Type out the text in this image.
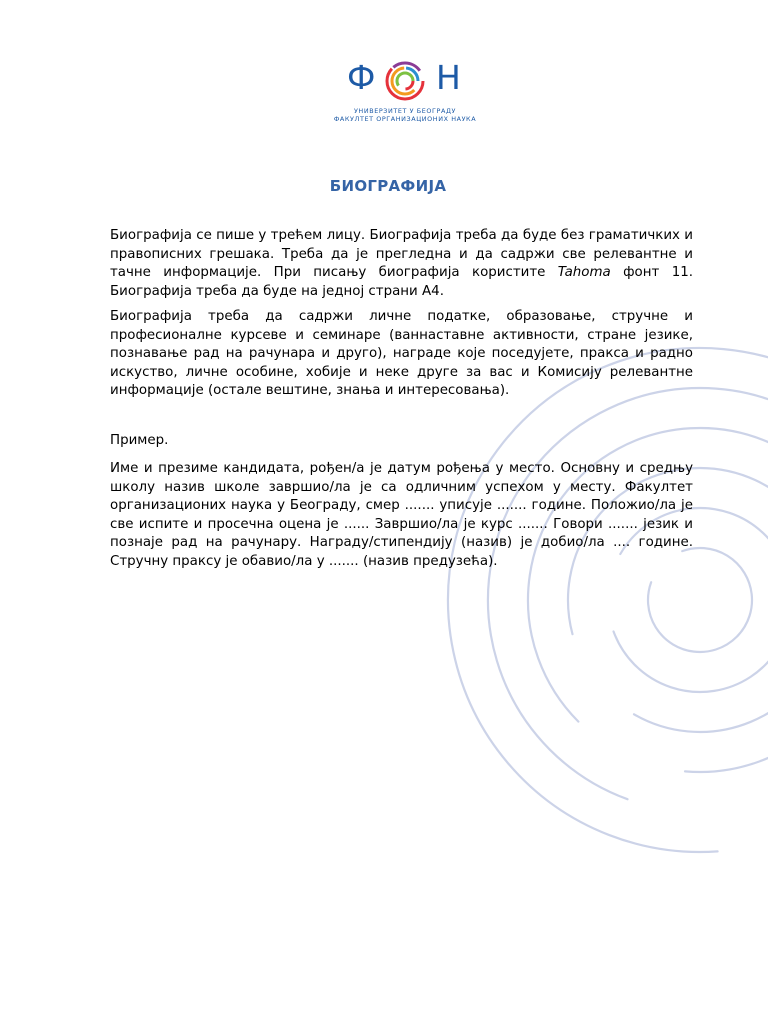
Ф Н
УНИВЕРЗИТЕТ У БЕОГРАДУ
ФАКУЛТЕТ ОРГАНИЗАЦИОНИХ НАУКА
БИОГРАФИЈА

Биографија се пише у трећем лицу. Биографија треба да буде без граматичких и правописних грешака. Треба да је прегледна и да садржи све релевантне и тачне информације. При писању биографија користите Tahoma фонт 11. Биографија треба да буде на једној страни А4.

Биографија треба да садржи личне податке, образовање, стручне и професионалне курсеве и семинаре (ваннаставне активности, стране језике, познавање рад на рачунара и друго), награде које поседујете, пракса и радно искуство, личне особине, хобије и неке друге за вас и Комисију релевантне информације (остале вештине, знања и интересовања).

Пример.

Име и презиме кандидата, рођен/а је датум рођења у место. Основну и средњу школу назив школе завршио/ла је са одличним успехом у месту. Факултет организационих наука у Београду, смер ....... уписује ....... године. Положио/ла је све испите и просечна оцена је ...... Завршио/ла је курс ....... Говори ....... језик и познаје рад на рачунару. Награду/стипендију (назив) је добио/ла .... године. Стручну праксу је обавио/ла у ....... (назив предузећа).
